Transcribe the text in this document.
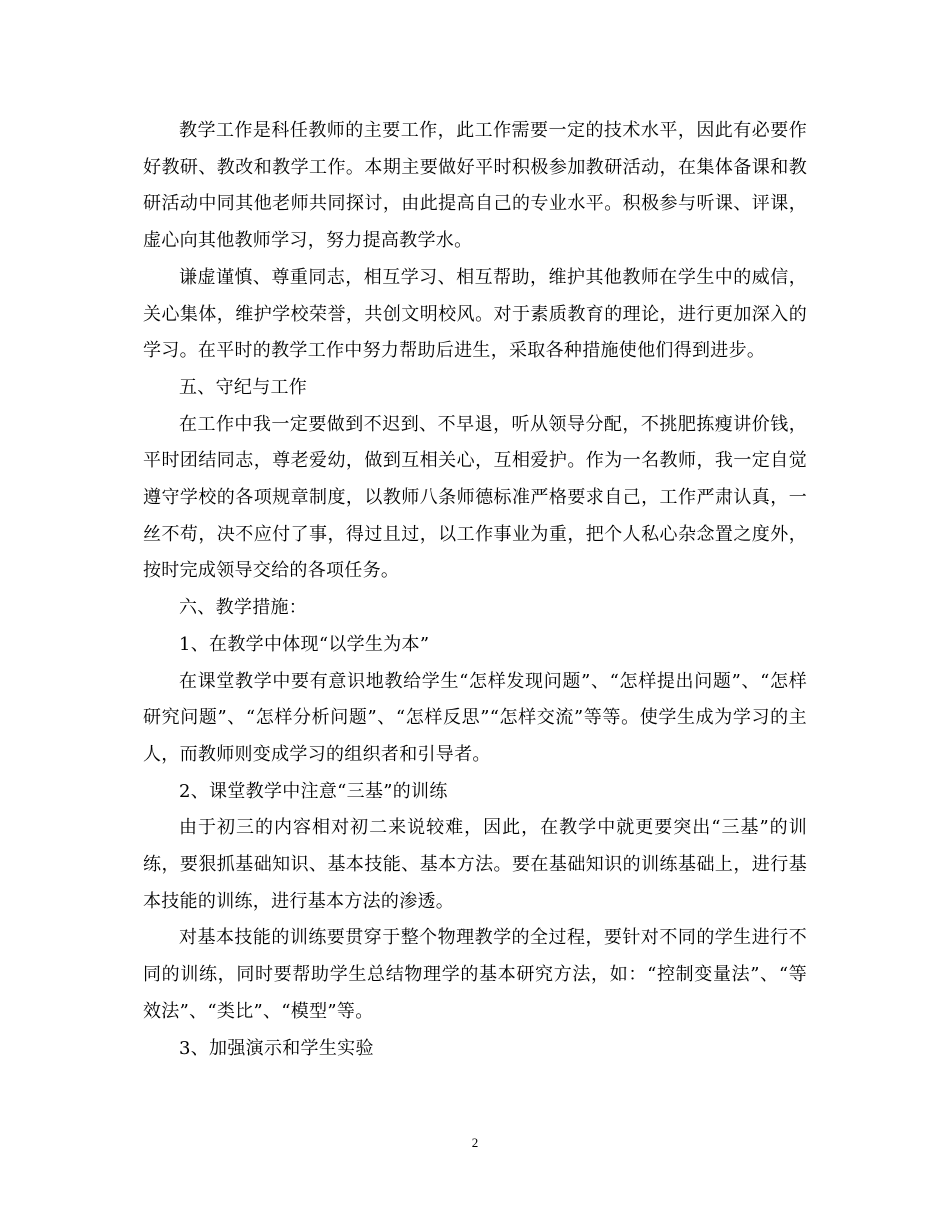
教学工作是科任教师的主要工作，此工作需要一定的技术水平，因此有必要作好教研、教改和教学工作。本期主要做好平时积极参加教研活动，在集体备课和教研活动中同其他老师共同探讨，由此提高自己的专业水平。积极参与听课、评课，虚心向其他教师学习，努力提高教学水。

谦虚谨慎、尊重同志，相互学习、相互帮助，维护其他教师在学生中的威信，关心集体，维护学校荣誉，共创文明校风。对于素质教育的理论，进行更加深入的学习。在平时的教学工作中努力帮助后进生，采取各种措施使他们得到进步。

五、守纪与工作

在工作中我一定要做到不迟到、不早退，听从领导分配，不挑肥拣瘦讲价钱，平时团结同志，尊老爱幼，做到互相关心，互相爱护。作为一名教师，我一定自觉遵守学校的各项规章制度，以教师八条师德标准严格要求自己，工作严肃认真，一丝不苟，决不应付了事，得过且过，以工作事业为重，把个人私心杂念置之度外，按时完成领导交给的各项任务。

六、教学措施：

1、在教学中体现“以学生为本”

在课堂教学中要有意识地教给学生“怎样发现问题”、“怎样提出问题”、“怎样研究问题”、“怎样分析问题”、“怎样反思”“怎样交流”等等。使学生成为学习的主人，而教师则变成学习的组织者和引导者。

2、课堂教学中注意“三基”的训练

由于初三的内容相对初二来说较难，因此，在教学中就更要突出“三基”的训练，要狠抓基础知识、基本技能、基本方法。要在基础知识的训练基础上，进行基本技能的训练，进行基本方法的渗透。

对基本技能的训练要贯穿于整个物理教学的全过程，要针对不同的学生进行不同的训练，同时要帮助学生总结物理学的基本研究方法，如：“控制变量法”、“等效法”、“类比”、“模型”等。

3、加强演示和学生实验

2
